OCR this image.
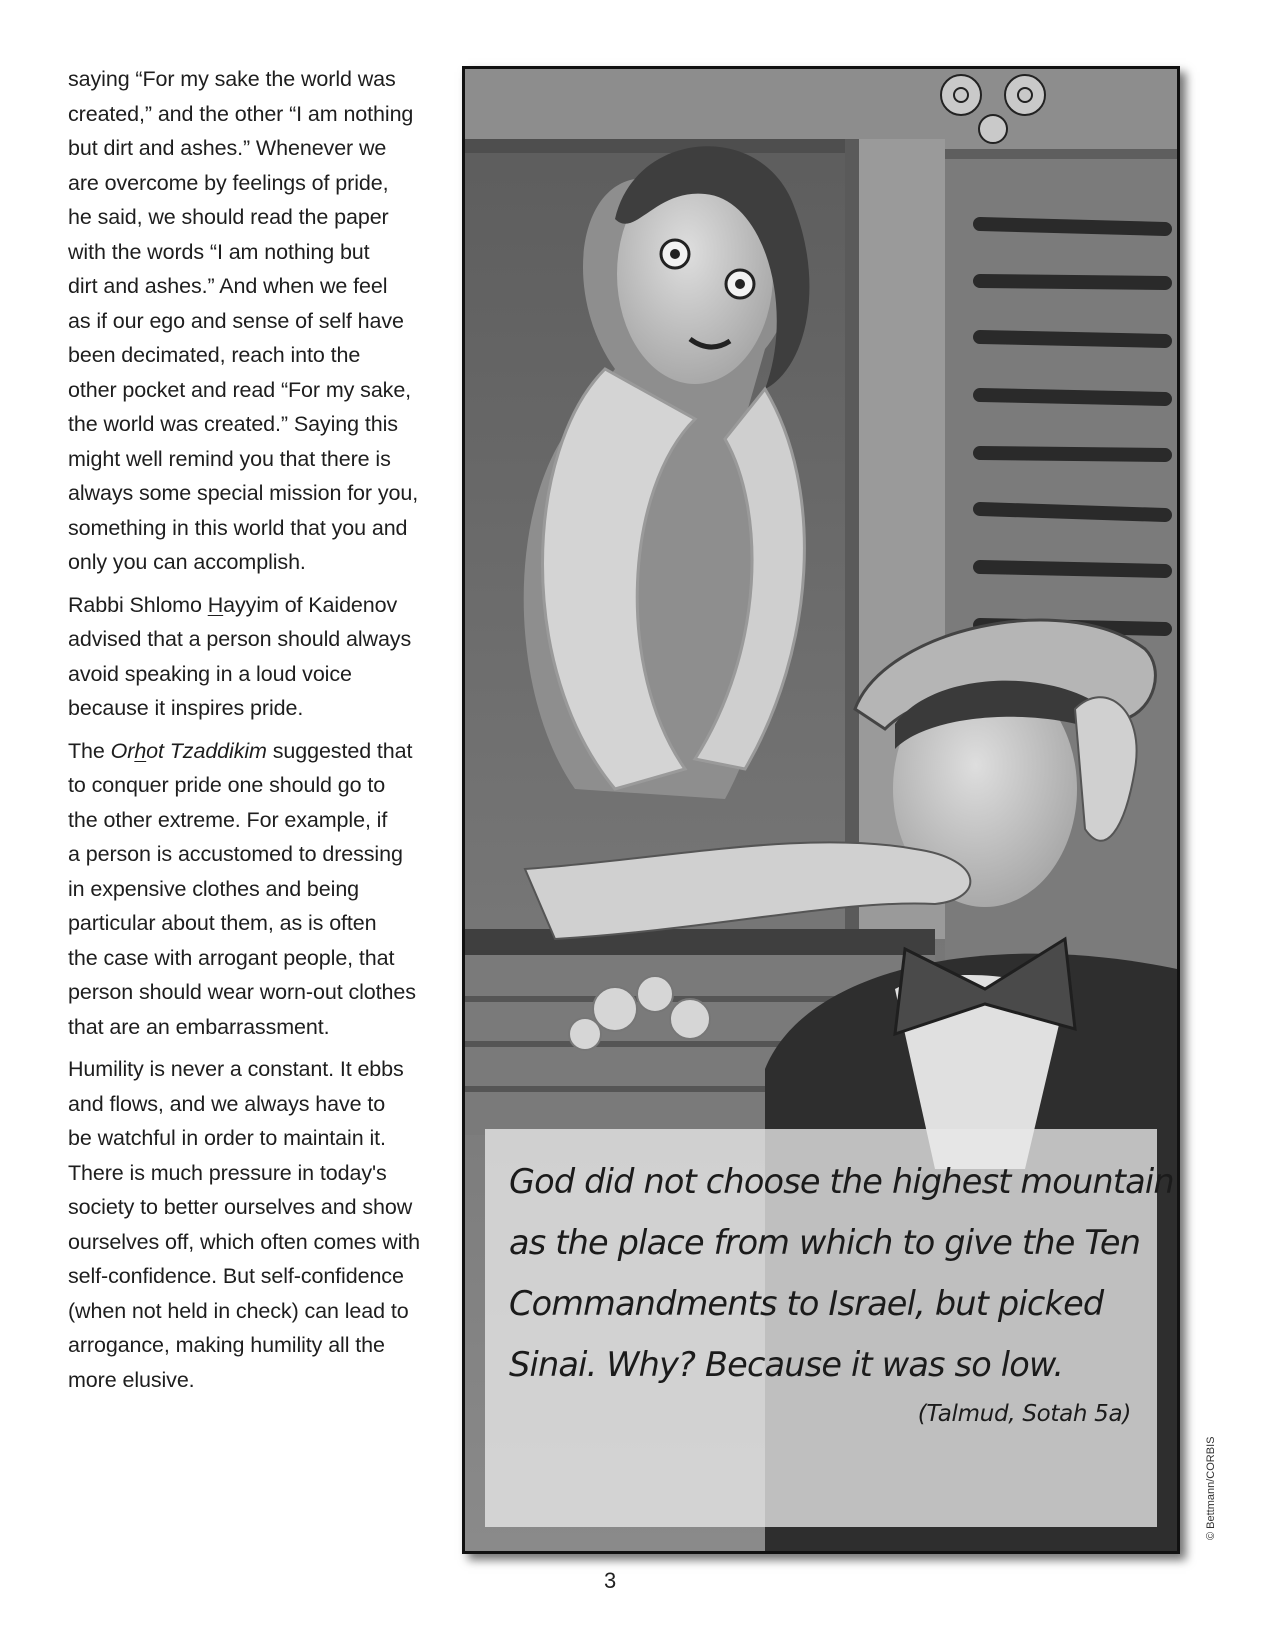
saying “For my sake the world was
created,” and the other “I am nothing
but dirt and ashes.” Whenever we
are overcome by feelings of pride,
he said, we should read the paper
with the words “I am nothing but
dirt and ashes.” And when we feel
as if our ego and sense of self have
been decimated, reach into the
other pocket and read “For my sake,
the world was created.” Saying this
might well remind you that there is
always some special mission for you,
something in this world that you and
only you can accomplish.

Rabbi Shlomo Hayyim of Kaidenov
advised that a person should always
avoid speaking in a loud voice
because it inspires pride.

The Orhot Tzaddikim suggested that
to conquer pride one should go to
the other extreme. For example, if
a person is accustomed to dressing
in expensive clothes and being
particular about them, as is often
the case with arrogant people, that
person should wear worn-out clothes
that are an embarrassment.

Humility is never a constant. It ebbs
and flows, and we always have to
be watchful in order to maintain it.
There is much pressure in today's
society to better ourselves and show
ourselves off, which often comes with
self-confidence. But self-confidence
(when not held in check) can lead to
arrogance, making humility all the
more elusive.

God did not choose the highest mountain
as the place from which to give the Ten
Commandments to Israel, but picked
Sinai. Why? Because it was so low.
(Talmud, Sotah 5a)
© Bettmann/CORBIS
3
